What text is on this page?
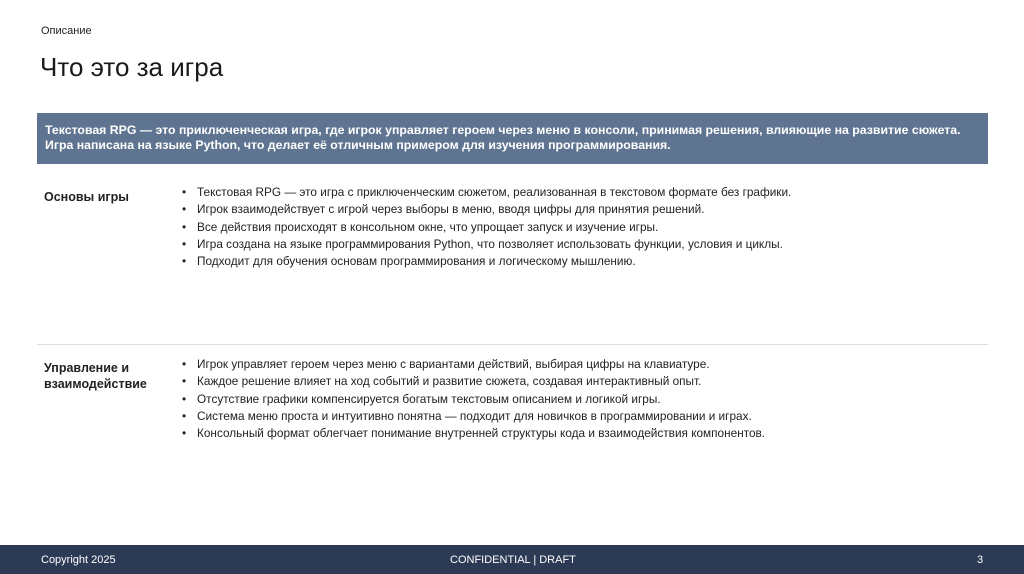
Описание
Что это за игра
Текстовая RPG — это приключенческая игра, где игрок управляет героем через меню в консоли, принимая решения, влияющие на развитие сюжета. Игра написана на языке Python, что делает её отличным примером для изучения программирования.
Основы игры	• Текстовая RPG — это игра с приключенческим сюжетом, реализованная в текстовом формате без графики.
• Игрок взаимодействует с игрой через выборы в меню, вводя цифры для принятия решений.
• Все действия происходят в консольном окне, что упрощает запуск и изучение игры.
• Игра создана на языке программирования Python, что позволяет использовать функции, условия и циклы.
• Подходит для обучения основам программирования и логическому мышлению.
Управление и взаимодействие
• Игрок управляет героем через меню с вариантами действий, выбирая цифры на клавиатуре.
• Каждое решение влияет на ход событий и развитие сюжета, создавая интерактивный опыт.
• Отсутствие графики компенсируется богатым текстовым описанием и логикой игры.
• Система меню проста и интуитивно понятна — подходит для новичков в программировании и играх.
• Консольный формат облегчает понимание внутренней структуры кода и взаимодействия компонентов.
Copyright 2025	CONFIDENTIAL | DRAFT	3
